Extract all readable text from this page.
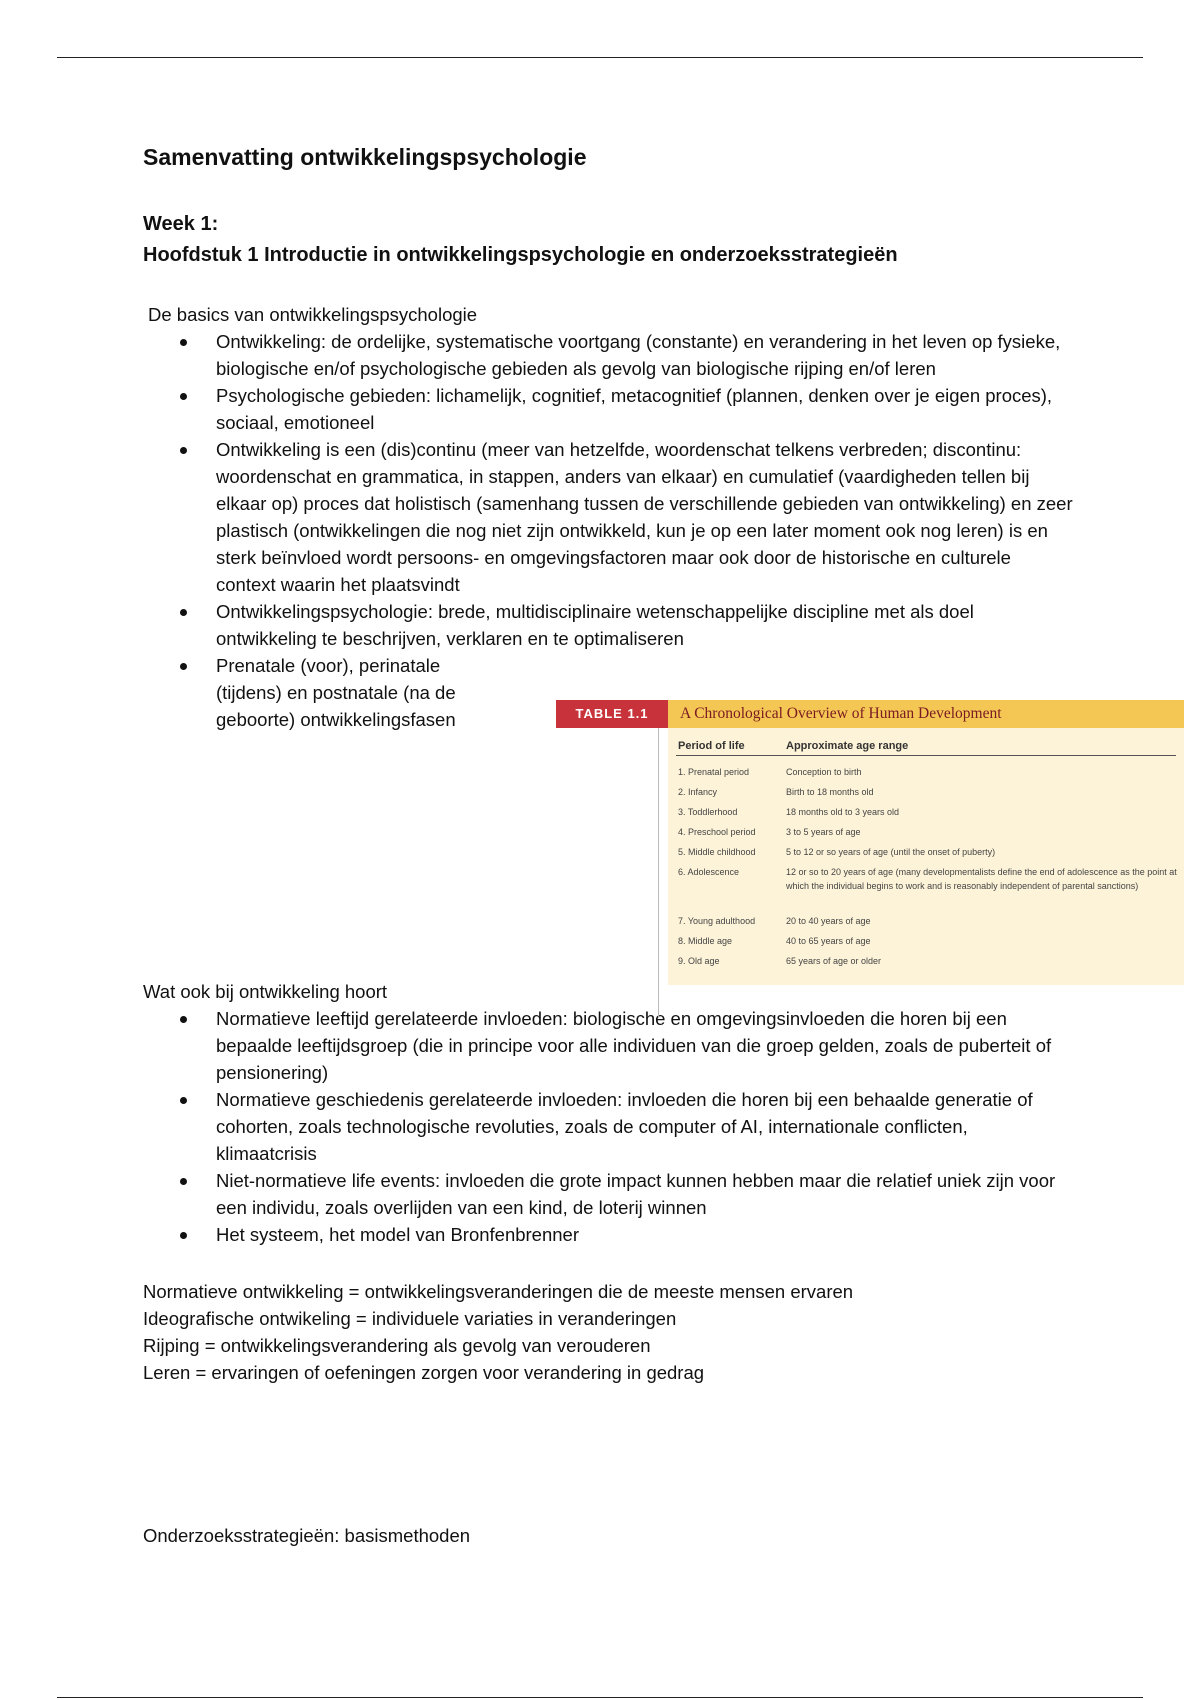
Samenvatting ontwikkelingspsychologie
Week 1:
Hoofdstuk 1 Introductie in ontwikkelingspsychologie en onderzoeksstrategieën
De basics van ontwikkelingspsychologie
Ontwikkeling: de ordelijke, systematische voortgang (constante) en verandering in het leven op fysieke, biologische en/of psychologische gebieden als gevolg van biologische rijping en/of leren
Psychologische gebieden: lichamelijk, cognitief, metacognitief (plannen, denken over je eigen proces), sociaal, emotioneel
Ontwikkeling is een (dis)continu (meer van hetzelfde, woordenschat telkens verbreden; discontinu: woordenschat en grammatica, in stappen, anders van elkaar) en cumulatief (vaardigheden tellen bij elkaar op) proces dat holistisch (samenhang tussen de verschillende gebieden van ontwikkeling) en zeer plastisch (ontwikkelingen die nog niet zijn ontwikkeld, kun je op een later moment ook nog leren) is en sterk beïnvloed wordt persoons- en omgevingsfactoren maar ook door de historische en culturele context waarin het plaatsvindt
Ontwikkelingspsychologie: brede, multidisciplinaire wetenschappelijke discipline met als doel ontwikkeling te beschrijven, verklaren en te optimaliseren
Prenatale (voor), perinatale (tijdens) en postnatale (na de geboorte) ontwikkelingsfasen
Wat ook bij ontwikkeling hoort
Normatieve leeftijd gerelateerde invloeden: biologische en omgevingsinvloeden die horen bij een bepaalde leeftijdsgroep (die in principe voor alle individuen van die groep gelden, zoals de puberteit of pensionering)
Normatieve geschiedenis gerelateerde invloeden: invloeden die horen bij een behaalde generatie of cohorten, zoals technologische revoluties, zoals de computer of AI, internationale conflicten, klimaatcrisis
Niet-normatieve life events: invloeden die grote impact kunnen hebben maar die relatief uniek zijn voor een individu, zoals overlijden van een kind, de loterij winnen
Het systeem, het model van Bronfenbrenner
Normatieve ontwikkeling = ontwikkelingsveranderingen die de meeste mensen ervaren
Ideografische ontwikeling = individuele variaties in veranderingen
Rijping = ontwikkelingsverandering als gevolg van verouderen
Leren = ervaringen of oefeningen zorgen voor verandering in gedrag
Onderzoeksstrategieën: basismethoden
TABLE 1.1	A Chronological Overview of Human Development
Period of life	Approximate age range
1. Prenatal period	Conception to birth
2. Infancy	Birth to 18 months old
3. Toddlerhood	18 months old to 3 years old
4. Preschool period	3 to 5 years of age
5. Middle childhood	5 to 12 or so years of age (until the onset of puberty)
6. Adolescence	12 or so to 20 years of age (many developmentalists define the end of adolescence as the point at which the individual begins to work and is reasonably independent of parental sanctions)
7. Young adulthood	20 to 40 years of age
8. Middle age	40 to 65 years of age
9. Old age	65 years of age or older
